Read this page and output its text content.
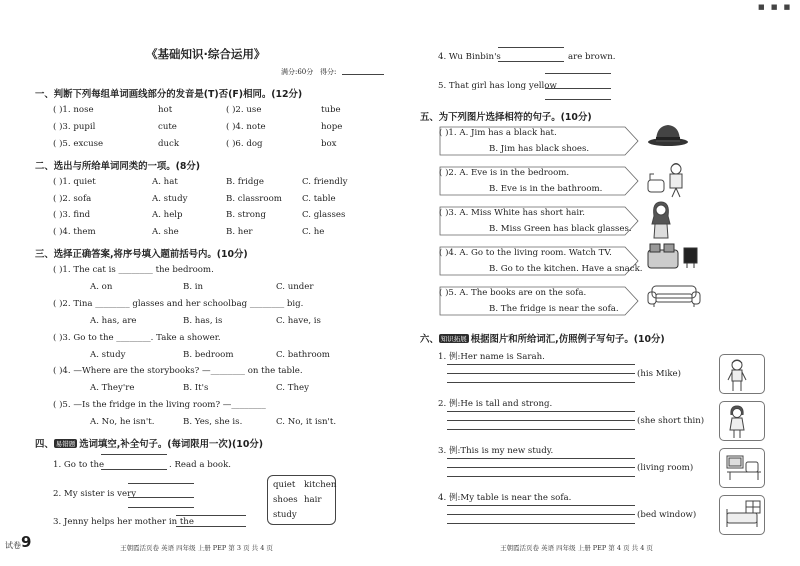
■ ■ ■
《基础知识·综合运用》
满分:60分 得分:
一、判断下列每组单词画线部分的发音是(T)否(F)相同。(12分)
( )1. nose	hot	( )2. use	tube
( )3. pupil	cute	( )4. note	hope
( )5. excuse	duck	( )6. dog	box
二、选出与所给单词同类的一项。(8分)
( )1. quiet	A. hat	B. fridge	C. friendly
( )2. sofa	A. study	B. classroom C. table
( )3. find	A. help	B. strong	C. glasses
( )4. them	A. she	B. her	C. he
三、选择正确答案,将序号填入题前括号内。(10分)
( )1. The cat is ________ the bedroom.
A. on	B. in	C. under
( )2. Tina ________ glasses and her schoolbag ________ big.
A. has, are	B. has, is	C. have, is
( )3. Go to the ________. Take a shower.
A. study	B. bedroom	C. bathroom
( )4. —Where are the storybooks? —________ on the table.
A. They're	B. It's	C. They
( )5. —Is the fridge in the living room? —________
A. No, he isn't.	B. Yes, she is.	C. No, it isn't.
四、 易错题 选词填空,补全句子。(每词限用一次)(10分)
1. Go to the	. Read a book.
2. My sister is very
3. Jenny helps her mother in the
quiet kitchen
shoes hair
study
试卷 9	王朝霞活页卷 英语 四年级 上册 PEP 第 3 页 共 4 页
4. Wu Binbin's	are brown.
5. That girl has long yellow
五、为下列图片选择相符的句子。(10分)
( )1. A. Jim has a black hat.
B. Jim has black shoes.
( )2. A. Eve is in the bedroom.
B. Eve is in the bathroom.
( )3. A. Miss White has short hair.
B. Miss Green has black glasses.
( )4. A. Go to the living room. Watch TV.
B. Go to the kitchen. Have a snack.
( )5. A. The books are on the sofa.
B. The fridge is near the sofa.
六、 知识拓展 根据图片和所给词汇,仿照例子写句子。(10分)
1. 例:Her name is Sarah.
(his Mike)
2. 例:He is tall and strong.
(she short thin)
3. 例:This is my new study.
(living room)
4. 例:My table is near the sofa.
(bed window)
王朝霞活页卷 英语 四年级 上册 PEP 第 4 页 共 4 页
